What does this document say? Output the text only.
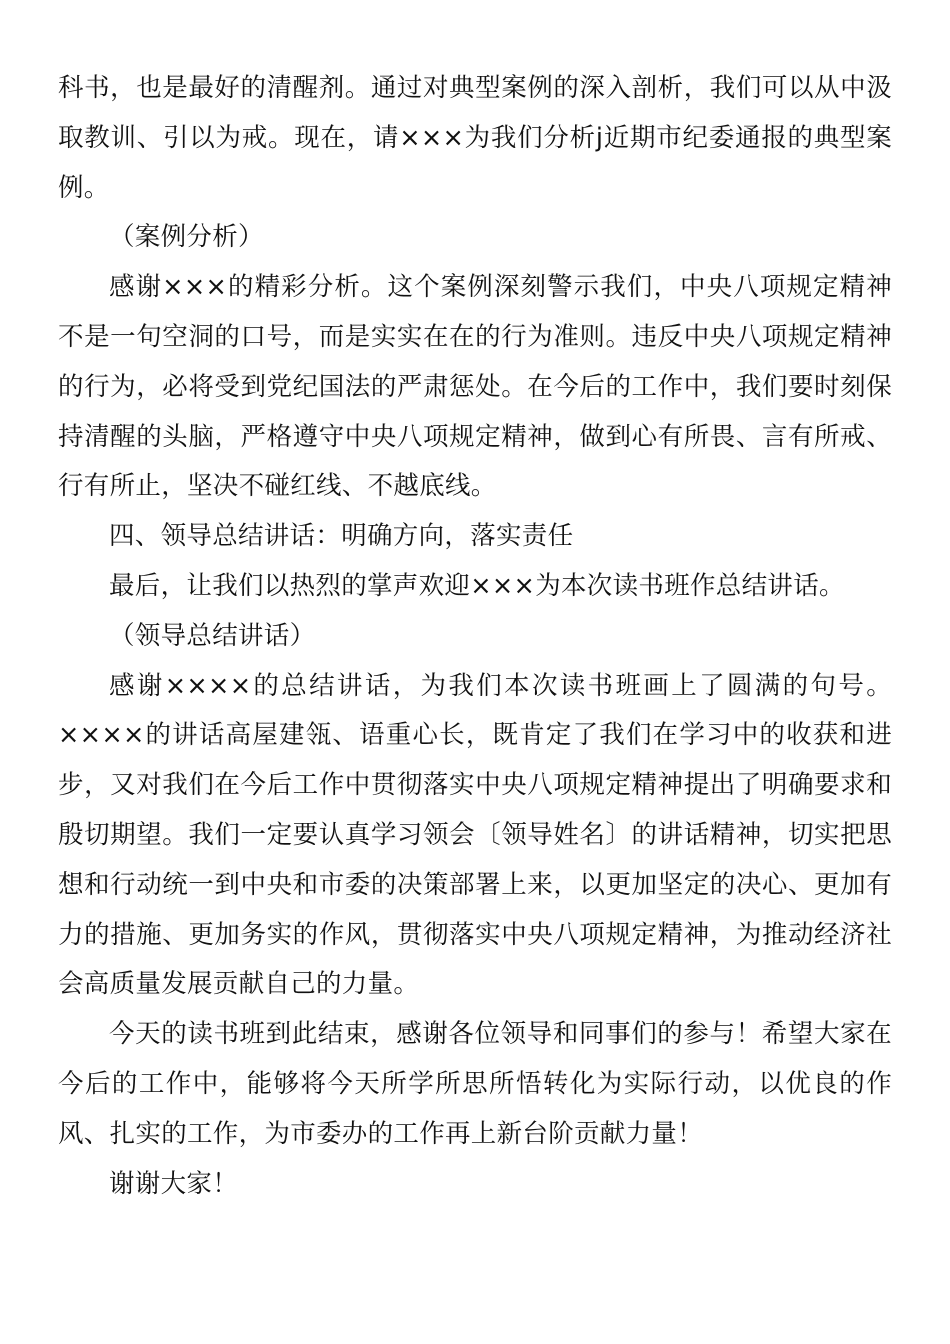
科书，也是最好的清醒剂。通过对典型案例的深入剖析，我们可以从中汲取教训、引以为戒。现在，请×××为我们分析j近期市纪委通报的典型案例。

（案例分析）

感谢×××的精彩分析。这个案例深刻警示我们，中央八项规定精神不是一句空洞的口号，而是实实在在的行为准则。违反中央八项规定精神的行为，必将受到党纪国法的严肃惩处。在今后的工作中，我们要时刻保持清醒的头脑，严格遵守中央八项规定精神，做到心有所畏、言有所戒、行有所止，坚决不碰红线、不越底线。

四、领导总结讲话：明确方向，落实责任

最后，让我们以热烈的掌声欢迎×××为本次读书班作总结讲话。

（领导总结讲话）

感谢××××的总结讲话，为我们本次读书班画上了圆满的句号。××××的讲话高屋建瓴、语重心长，既肯定了我们在学习中的收获和进步，又对我们在今后工作中贯彻落实中央八项规定精神提出了明确要求和殷切期望。我们一定要认真学习领会〔领导姓名〕的讲话精神，切实把思想和行动统一到中央和市委的决策部署上来，以更加坚定的决心、更加有力的措施、更加务实的作风，贯彻落实中央八项规定精神，为推动经济社会高质量发展贡献自己的力量。

今天的读书班到此结束，感谢各位领导和同事们的参与！希望大家在今后的工作中，能够将今天所学所思所悟转化为实际行动，以优良的作风、扎实的工作，为市委办的工作再上新台阶贡献力量！

谢谢大家！
